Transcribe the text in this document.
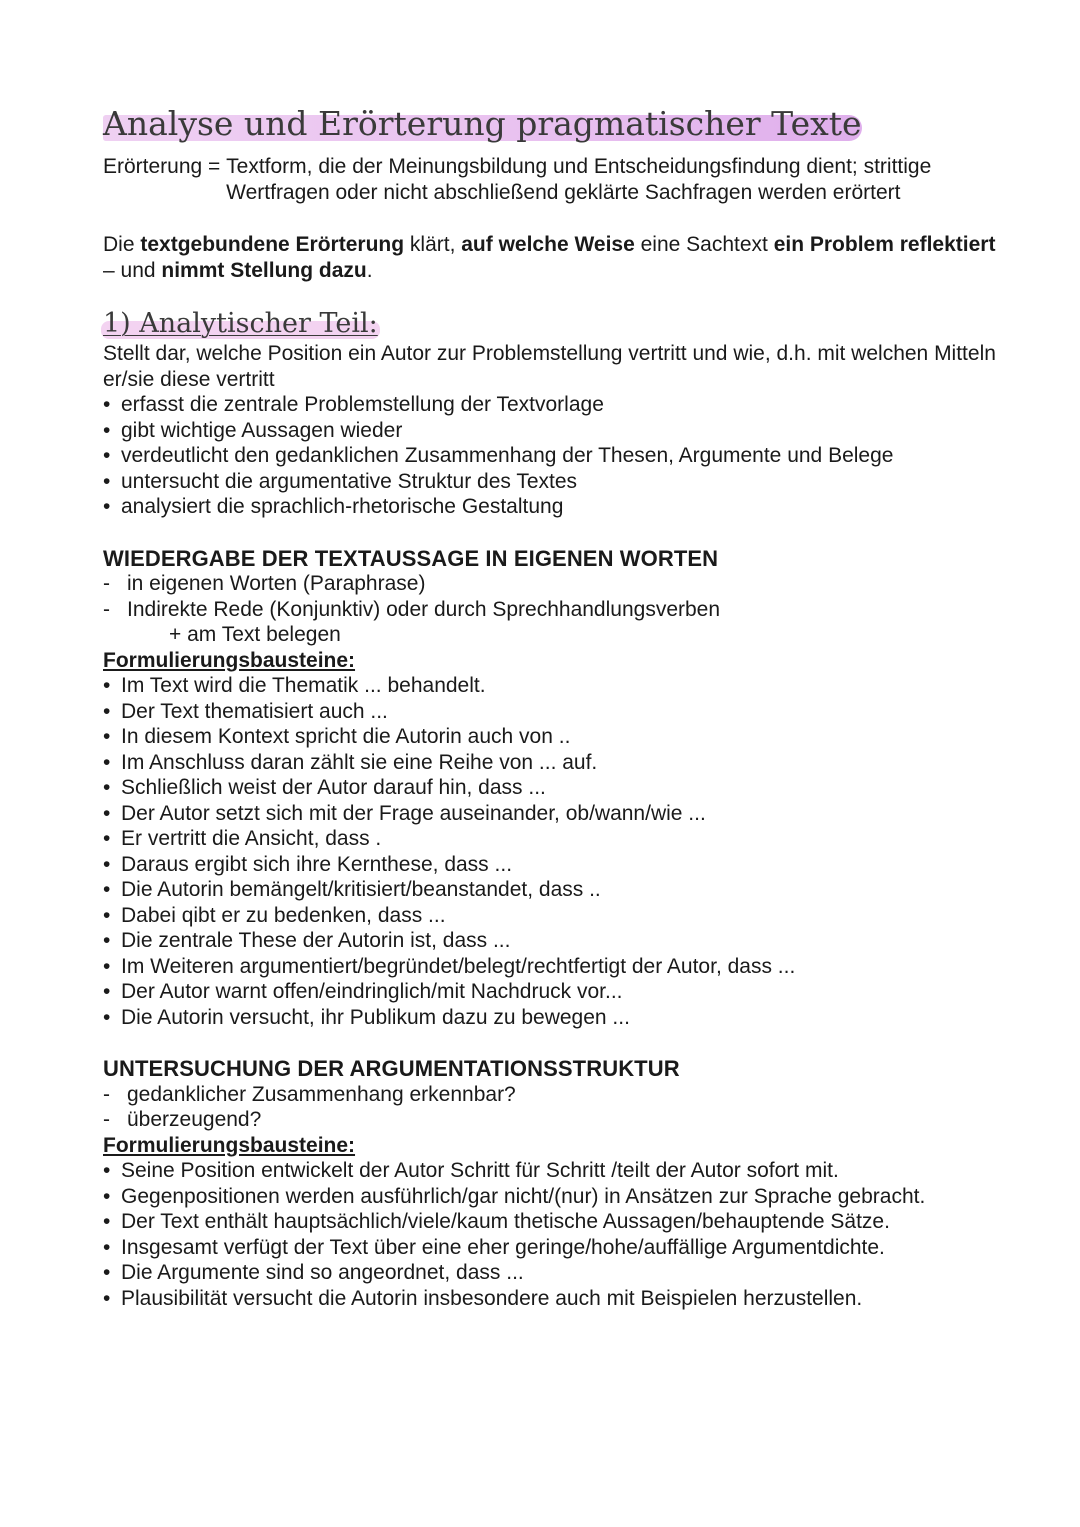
Analyse und Erörterung pragmatischer Texte
Erörterung = Textform, die der Meinungsbildung und Entscheidungsfindung dient; strittige
Wertfragen oder nicht abschließend geklärte Sachfragen werden erörtert

Die textgebundene Erörterung klärt, auf welche Weise eine Sachtext ein Problem reflektiert – und nimmt Stellung dazu.

1) Analytischer Teil:

Stellt dar, welche Position ein Autor zur Problemstellung vertritt und wie, d.h. mit welchen Mitteln er/sie diese vertritt

• erfasst die zentrale Problemstellung der Textvorlage
• gibt wichtige Aussagen wieder
• verdeutlicht den gedanklichen Zusammenhang der Thesen, Argumente und Belege
• untersucht die argumentative Struktur des Textes
• analysiert die sprachlich-rhetorische Gestaltung
WIEDERGABE DER TEXTAUSSAGE IN EIGENEN WORTEN
- in eigenen Worten (Paraphrase)
- Indirekte Rede (Konjunktiv) oder durch Sprechhandlungsverben
+ am Text belegen
Formulierungsbausteine:
• Im Text wird die Thematik ... behandelt.
• Der Text thematisiert auch ...
• In diesem Kontext spricht die Autorin auch von ..
• Im Anschluss daran zählt sie eine Reihe von ... auf.
• Schließlich weist der Autor darauf hin, dass ...
• Der Autor setzt sich mit der Frage auseinander, ob/wann/wie ...
• Er vertritt die Ansicht, dass .
• Daraus ergibt sich ihre Kernthese, dass ...
• Die Autorin bemängelt/kritisiert/beanstandet, dass ..
• Dabei qibt er zu bedenken, dass ...
• Die zentrale These der Autorin ist, dass ...
• Im Weiteren argumentiert/begründet/belegt/rechtfertigt der Autor, dass ...
• Der Autor warnt offen/eindringlich/mit Nachdruck vor...
• Die Autorin versucht, ihr Publikum dazu zu bewegen ...
UNTERSUCHUNG DER ARGUMENTATIONSSTRUKTUR
- gedanklicher Zusammenhang erkennbar?
- überzeugend?
Formulierungsbausteine:
• Seine Position entwickelt der Autor Schritt für Schritt /teilt der Autor sofort mit.
• Gegenpositionen werden ausführlich/gar nicht/(nur) in Ansätzen zur Sprache gebracht.
• Der Text enthält hauptsächlich/viele/kaum thetische Aussagen/behauptende Sätze.
• Insgesamt verfügt der Text über eine eher geringe/hohe/auffällige Argumentdichte.
• Die Argumente sind so angeordnet, dass ...
• Plausibilität versucht die Autorin insbesondere auch mit Beispielen herzustellen.
